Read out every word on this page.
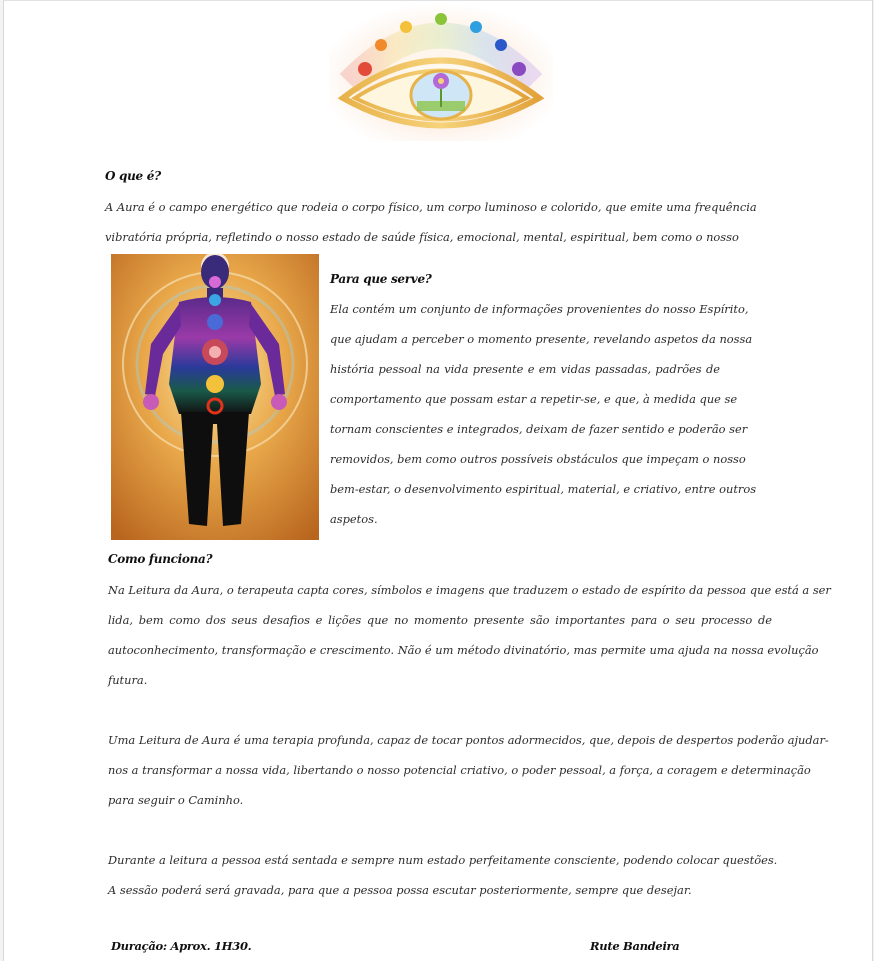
O que é?
A Aura é o campo energético que rodeia o corpo físico, um corpo luminoso e colorido, que emite uma frequência
vibratória própria, refletindo o nosso estado de saúde física, emocional, mental, espiritual, bem como o nosso
Para que serve?
Ela contém um conjunto de informações provenientes do nosso Espírito,
que ajudam a perceber o momento presente, revelando aspetos da nossa
história pessoal na vida presente e em vidas passadas, padrões de
comportamento que possam estar a repetir-se, e que, à medida que se
tornam conscientes e integrados, deixam de fazer sentido e poderão ser
removidos, bem como outros possíveis obstáculos que impeçam o nosso
bem-estar, o desenvolvimento espiritual, material, e criativo, entre outros
aspetos.
Como funciona?
Na Leitura da Aura, o terapeuta capta cores, símbolos e imagens que traduzem o estado de espírito da pessoa que está a ser
lida, bem como dos seus desafios e lições que no momento presente são importantes para o seu processo de
autoconhecimento, transformação e crescimento. Não é um método divinatório, mas permite uma ajuda na nossa evolução
futura.
Uma Leitura de Aura é uma terapia profunda, capaz de tocar pontos adormecidos, que, depois de despertos poderão ajudar-
nos a transformar a nossa vida, libertando o nosso potencial criativo, o poder pessoal, a força, a coragem e determinação
para seguir o Caminho.
Durante a leitura a pessoa está sentada e sempre num estado perfeitamente consciente, podendo colocar questões.
A sessão poderá será gravada, para que a pessoa possa escutar posteriormente, sempre que desejar.
Duração: Aprox. 1H30.	Rute Bandeira
